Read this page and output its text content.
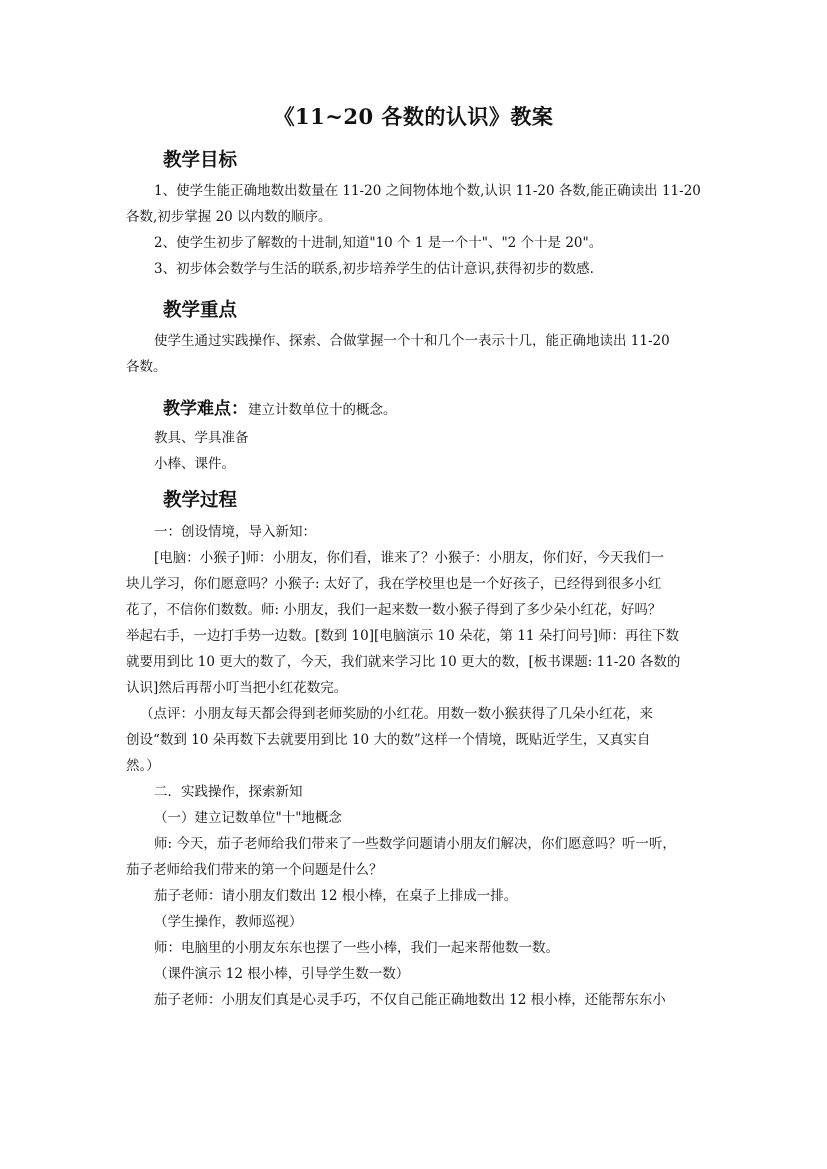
《11~20 各数的认识》教案
教学目标
1、使学生能正确地数出数量在 11-20 之间物体地个数,认识 11-20 各数,能正确读出 11-20
各数,初步掌握 20 以内数的顺序。
2、使学生初步了解数的十进制,知道"10 个 1 是一个十"、"2 个十是 20"。
3、初步体会数学与生活的联系,初步培养学生的估计意识,获得初步的数感.
教学重点
使学生通过实践操作、探索、合做掌握一个十和几个一表示十几，能正确地读出 11-20
各数。
教学难点：建立计数单位十的概念。
教具、学具准备
小棒、课件。
教学过程
一：创设情境，导入新知：
[电脑：小猴子]师：小朋友，你们看，谁来了？小猴子：小朋友，你们好，今天我们一
块儿学习，你们愿意吗？小猴子: 太好了，我在学校里也是一个好孩子，已经得到很多小红
花了，不信你们数数。师: 小朋友，我们一起来数一数小猴子得到了多少朵小红花，好吗？
举起右手，一边打手势一边数。[数到 10][电脑演示 10 朵花，第 11 朵打问号]师：再往下数
就要用到比 10 更大的数了，今天，我们就来学习比 10 更大的数，[板书课题: 11-20 各数的
认识]然后再帮小叮当把小红花数完。
（点评：小朋友每天都会得到老师奖励的小红花。用数一数小猴获得了几朵小红花，来
创设“数到 10 朵再数下去就要用到比 10 大的数”这样一个情境，既贴近学生，又真实自
然。）
二．实践操作，探索新知
（一）建立记数单位"十"地概念
师: 今天，茄子老师给我们带来了一些数学问题请小朋友们解决，你们愿意吗？听一听，
茄子老师给我们带来的第一个问题是什么？
茄子老师：请小朋友们数出 12 根小棒，在桌子上排成一排。
（学生操作，教师巡视）
师：电脑里的小朋友东东也摆了一些小棒，我们一起来帮他数一数。
（课件演示 12 根小棒，引导学生数一数）
茄子老师：小朋友们真是心灵手巧，不仅自己能正确地数出 12 根小棒，还能帮东东小
